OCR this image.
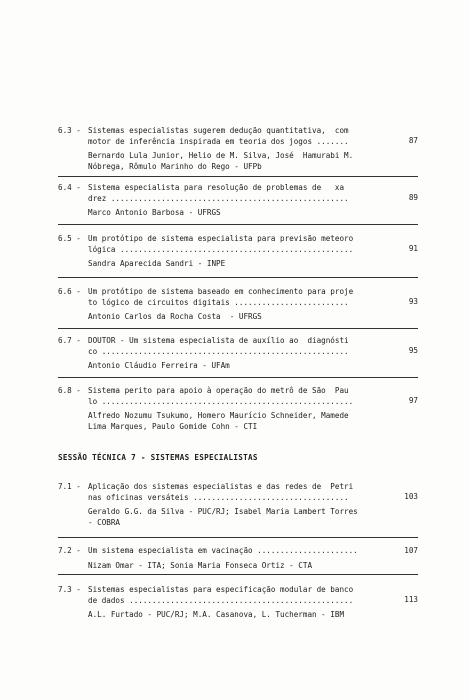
6.3 - Sistemas especialistas sugerem dedução quantitativa,  com
motor de inferência inspirada em teoria dos jogos .......
Bernardo Lula Junior, Helio de M. Silva, José  Hamurabi M.
Nóbrega, Rômulo Marinho do Rego - UFPb
87
6.4 - Sistema especialista para resolução de problemas de   xa
drez ....................................................
Marco Antonio Barbosa - UFRGS
89
6.5 - Um protótipo de sistema especialista para previsão meteoro
lógica ...................................................
Sandra Aparecida Sandri - INPE
91
6.6 - Um protótipo de sistema baseado em conhecimento para proje
to lógico de circuitos digitais .........................
Antonio Carlos da Rocha Costa  - UFRGS
93
6.7 - DOUTOR - Um sistema especialista de auxílio ao  diagnósti
co ......................................................
Antonio Cláudio Ferreira - UFAm
95
6.8 - Sistema perito para apoio à operação do metrô de São  Pau
lo .......................................................
Alfredo Nozumu Tsukumo, Homero Maurício Schneider, Mamede
Lima Marques, Paulo Gomide Cohn - CTI
97
SESSÃO TÉCNICA 7 - SISTEMAS ESPECIALISTAS
7.1 - Aplicação dos sistemas especialistas e das redes de  Petri
nas oficinas versáteis ..................................
Geraldo G.G. da Silva - PUC/RJ; Isabel Maria Lambert Torres
- COBRA
103
7.2 - Um sistema especialista em vacinação ......................
Nizam Omar - ITA; Sonia Maria Fonseca Ortiz - CTA
107
7.3 - Sistemas especialistas para especificação modular de banco
de dados .................................................
A.L. Furtado - PUC/RJ; M.A. Casanova, L. Tucherman - IBM
113
